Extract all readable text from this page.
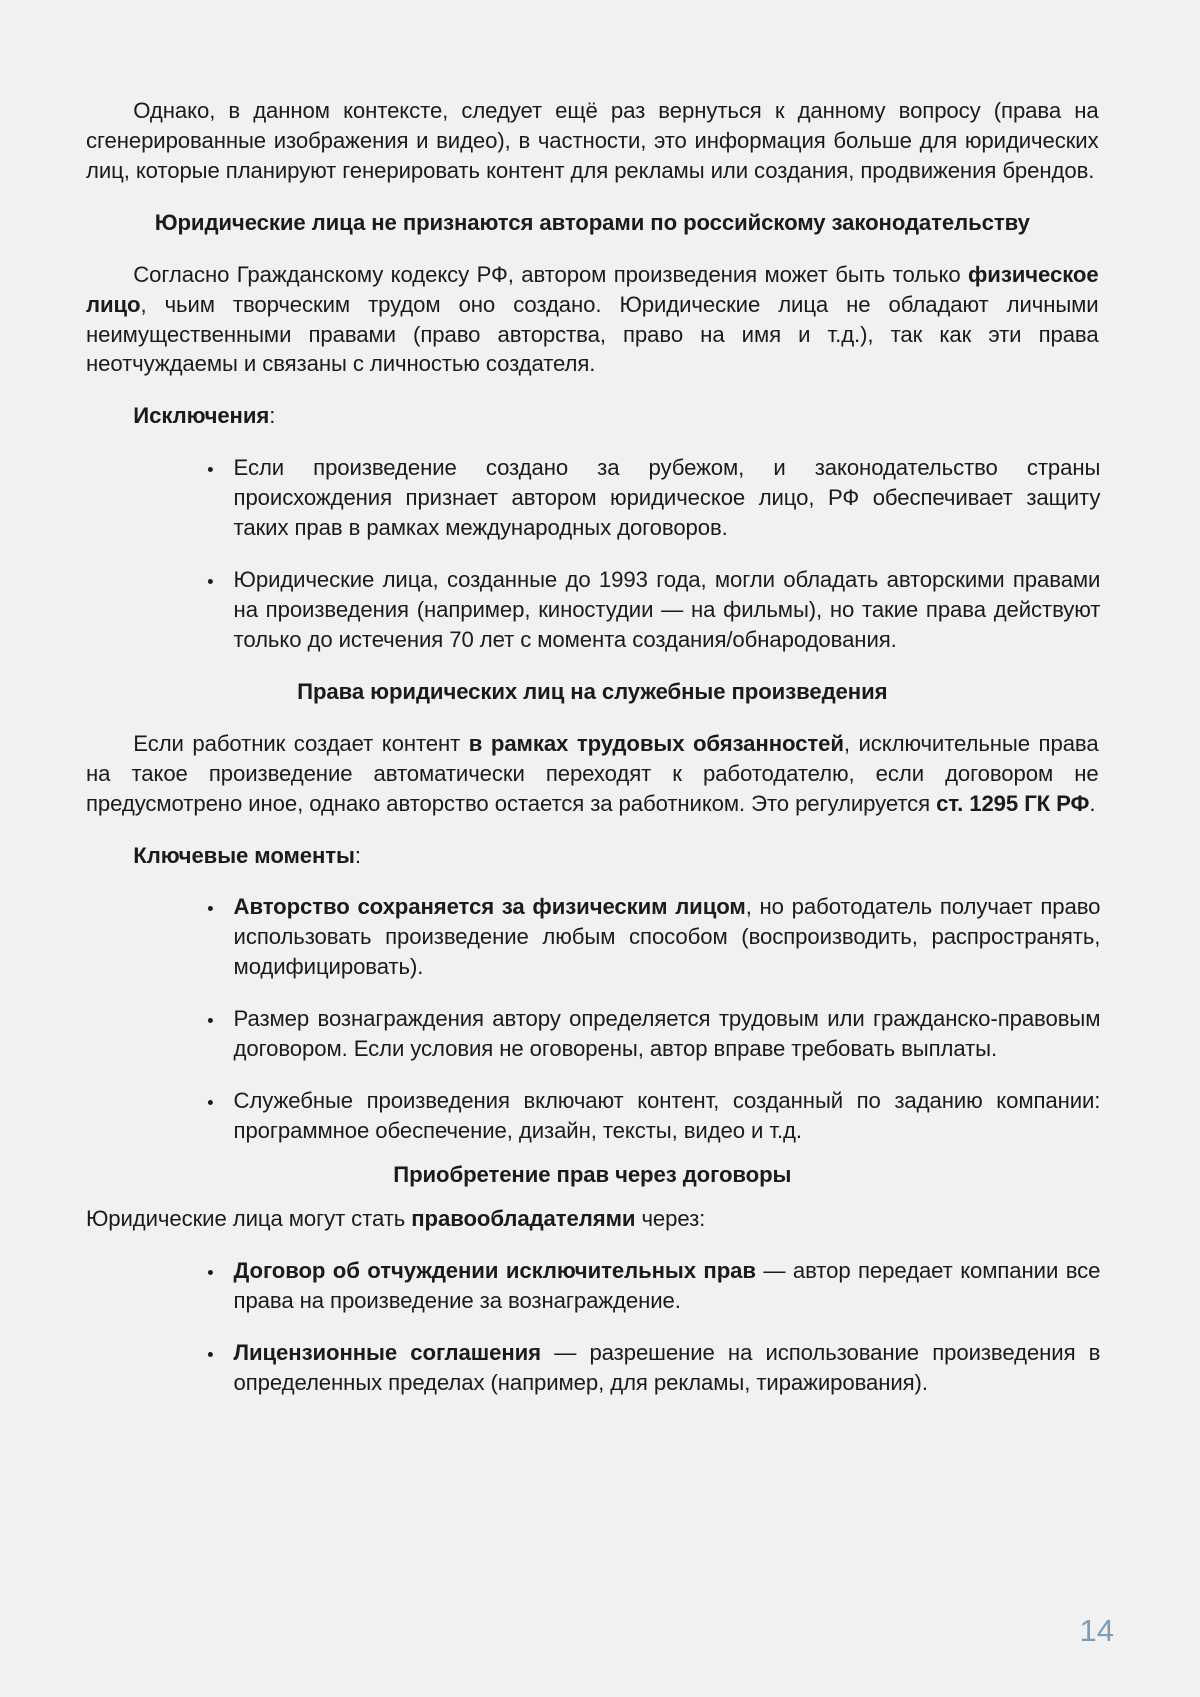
Однако, в данном контексте, следует ещё раз вернуться к данному вопросу (права на сгенерированные изображения и видео), в частности, это информация больше для юридических лиц, которые планируют генерировать контент для рекламы или создания, продвижения брендов.

Юридические лица не признаются авторами по российскому законодательству

Согласно Гражданскому кодексу РФ, автором произведения может быть только физическое лицо, чьим творческим трудом оно создано. Юридические лица не обладают личными неимущественными правами (право авторства, право на имя и т.д.), так как эти права неотчуждаемы и связаны с личностью создателя.

Исключения:

Если произведение создано за рубежом, и законодательство страны происхождения признает автором юридическое лицо, РФ обеспечивает защиту таких прав в рамках международных договоров.
Юридические лица, созданные до 1993 года, могли обладать авторскими правами на произведения (например, киностудии — на фильмы), но такие права действуют только до истечения 70 лет с момента создания/обнародования.
Права юридических лиц на служебные произведения

Если работник создает контент в рамках трудовых обязанностей, исключительные права на такое произведение автоматически переходят к работодателю, если договором не предусмотрено иное, однако авторство остается за работником. Это регулируется ст. 1295 ГК РФ.

Ключевые моменты:

Авторство сохраняется за физическим лицом, но работодатель получает право использовать произведение любым способом (воспроизводить, распространять, модифицировать).
Размер вознаграждения автору определяется трудовым или гражданско-правовым договором. Если условия не оговорены, автор вправе требовать выплаты.
Служебные произведения включают контент, созданный по заданию компании: программное обеспечение, дизайн, тексты, видео и т.д.
Приобретение прав через договоры

Юридические лица могут стать правообладателями через:

Договор об отчуждении исключительных прав — автор передает компании все права на произведение за вознаграждение.
Лицензионные соглашения — разрешение на использование произведения в определенных пределах (например, для рекламы, тиражирования).
14
